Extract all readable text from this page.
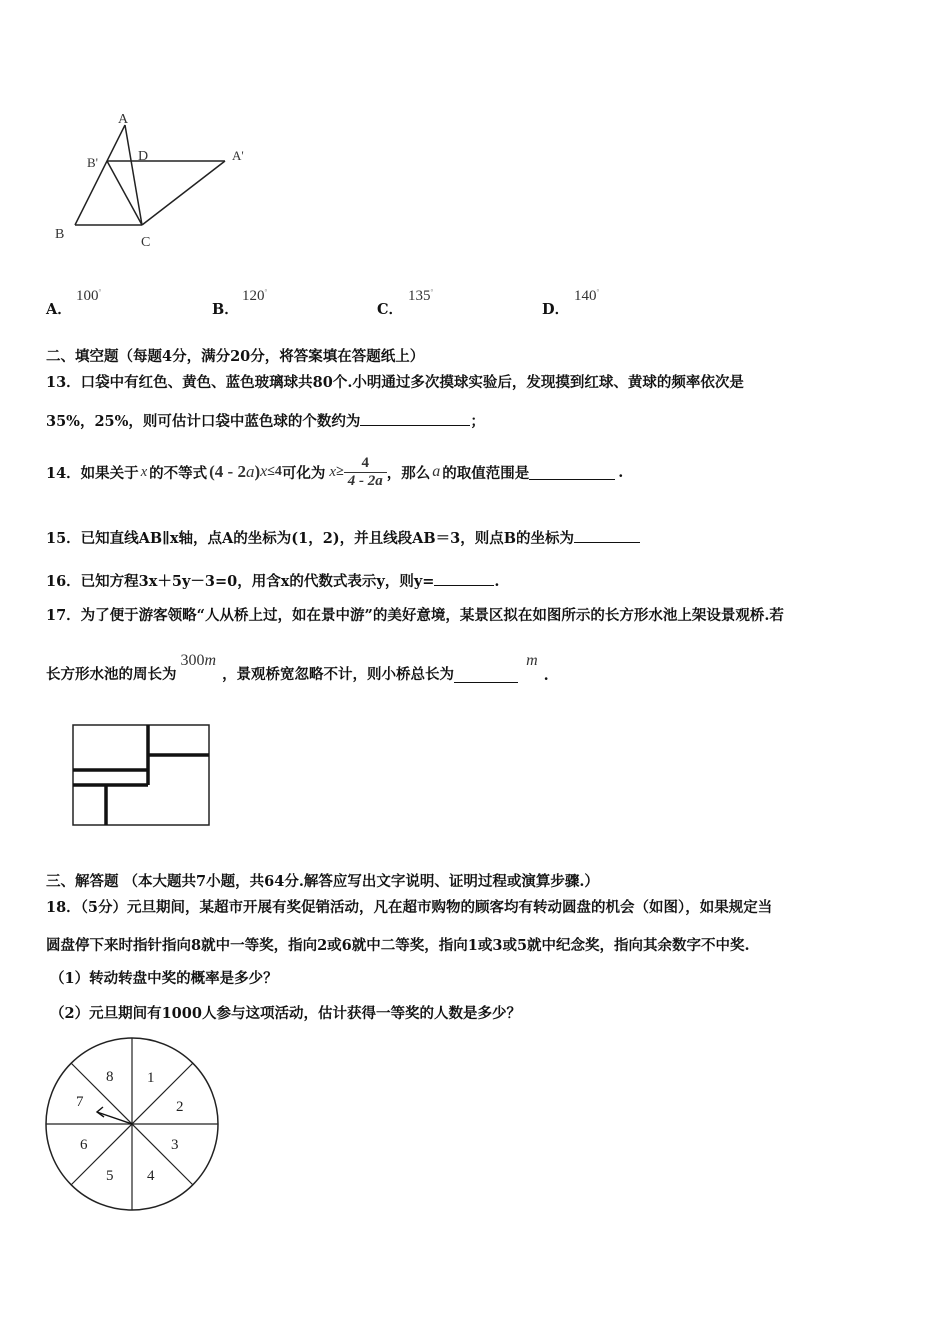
A
B'	D	A'
B
C
A．
100°
B．
120°
C．
135°
D．
140°
二、填空题（每题4分，满分20分，将答案填在答题纸上）
13．口袋中有红色、黄色、蓝色玻璃球共80个.小明通过多次摸球实验后，发现摸到红球、黄球的频率依次是
35%，25%，则可估计口袋中蓝色球的个数约为	；
14．如果关于 x 的不等式 (4 - 2a) x ≤4 可化为 $x \ge \frac{4}{4 - 2a}$ ，那么 a 的取值范围是	.
15．已知直线AB∥x轴，点A的坐标为(1，2)，并且线段AB＝3，则点B的坐标为
16．已知方程3x＋5y－3=0，用含x的代数式表示y，则y=	.
17．为了便于游客领略“人从桥上过，如在景中游”的美好意境，某景区拟在如图所示的长方形水池上架设景观桥.若
长方形水池的周长为
300m
，景观桥宽忽略不计，则小桥总长为
m
.
三、解答题 （本大题共7小题，共64分.解答应写出文字说明、证明过程或演算步骤.）
18．（5分）元旦期间，某超市开展有奖促销活动，凡在超市购物的顾客均有转动圆盘的机会（如图），如果规定当
圆盘停下来时指针指向8就中一等奖，指向2或6就中二等奖，指向1或3或5就中纪念奖，指向其余数字不中奖.
（1）转动转盘中奖的概率是多少？
（2）元旦期间有1000人参与这项活动，估计获得一等奖的人数是多少？
1
2
3
4
5
6
7
8
